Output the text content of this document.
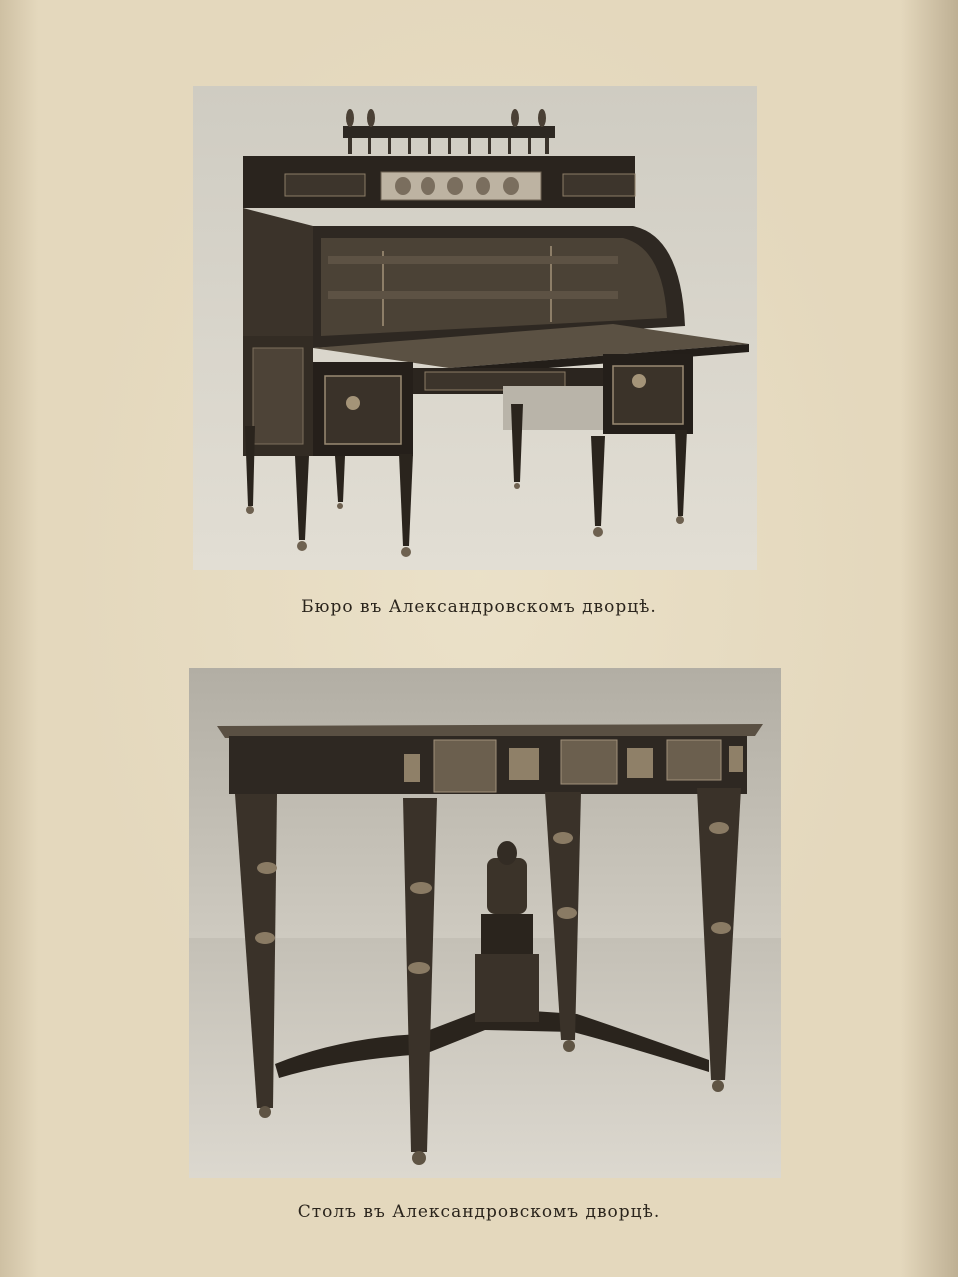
Бюро въ Александровскомъ дворцѣ.

Столъ въ Александровскомъ дворцѣ.
